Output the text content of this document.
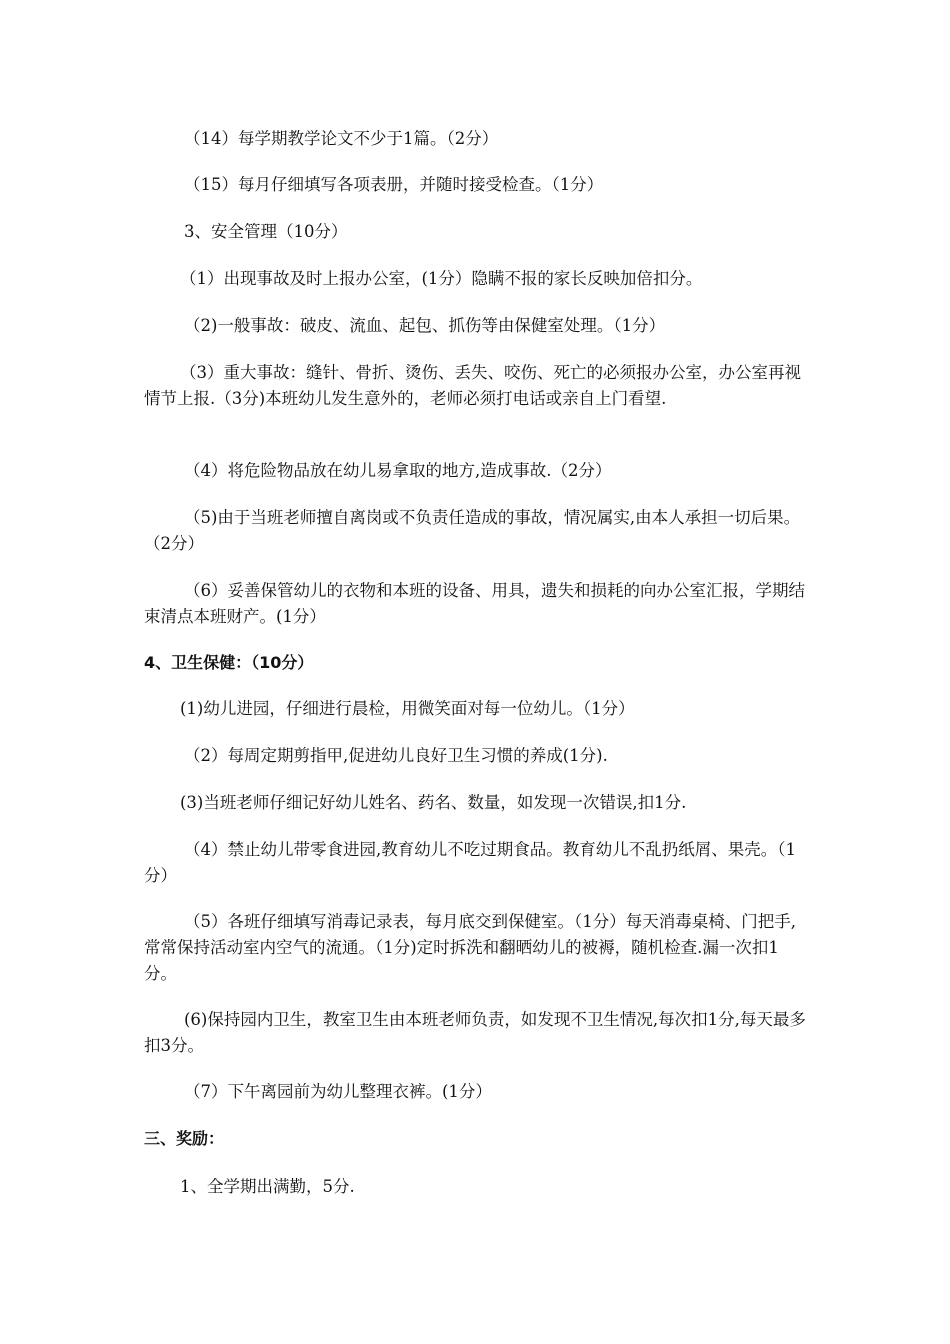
（14）每学期教学论文不少于1篇。（2分）
（15）每月仔细填写各项表册，并随时接受检查。（1分）
3、安全管理（10分）
（1）出现事故及时上报办公室，(1分）隐瞒不报的家长反映加倍扣分。
（2)一般事故：破皮、流血、起包、抓伤等由保健室处理。（1分）
（3）重大事故：缝针、骨折、烫伤、丢失、咬伤、死亡的必须报办公室，办公室再视情节上报.（3分)本班幼儿发生意外的，老师必须打电话或亲自上门看望.
（4）将危险物品放在幼儿易拿取的地方,造成事故.（2分）
（5)由于当班老师擅自离岗或不负责任造成的事故，情况属实,由本人承担一切后果。（2分）
（6）妥善保管幼儿的衣物和本班的设备、用具，遗失和损耗的向办公室汇报，学期结束清点本班财产。(1分）
4、卫生保健：（10分）
(1)幼儿进园，仔细进行晨检，用微笑面对每一位幼儿。（1分）
（2）每周定期剪指甲,促进幼儿良好卫生习惯的养成(1分).
(3)当班老师仔细记好幼儿姓名、药名、数量，如发现一次错误,扣1分.
（4）禁止幼儿带零食进园,教育幼儿不吃过期食品。教育幼儿不乱扔纸屑、果壳。（1分）
（5）各班仔细填写消毒记录表，每月底交到保健室。（1分）每天消毒桌椅、门把手,常常保持活动室内空气的流通。（1分)定时拆洗和翻晒幼儿的被褥，随机检查.漏一次扣1分。
(6)保持园内卫生，教室卫生由本班老师负责，如发现不卫生情况,每次扣1分,每天最多扣3分。
（7）下午离园前为幼儿整理衣裤。(1分）
三、奖励：
1、全学期出满勤，5分.
